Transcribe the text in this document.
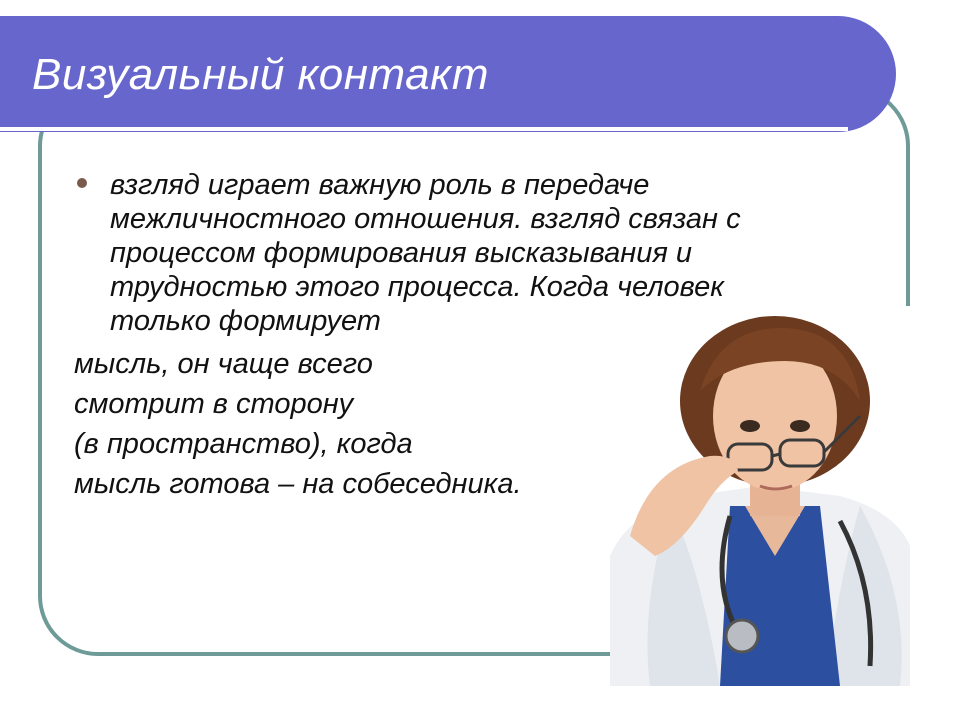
Визуальный контакт
взгляд играет важную роль в передаче
межличностного отношения. взгляд связан с
процессом формирования высказывания и
трудностью этого процесса. Когда человек
только формирует
мысль, он чаще всего
смотрит в сторону
(в пространство), когда
мысль готова – на собеседника.
